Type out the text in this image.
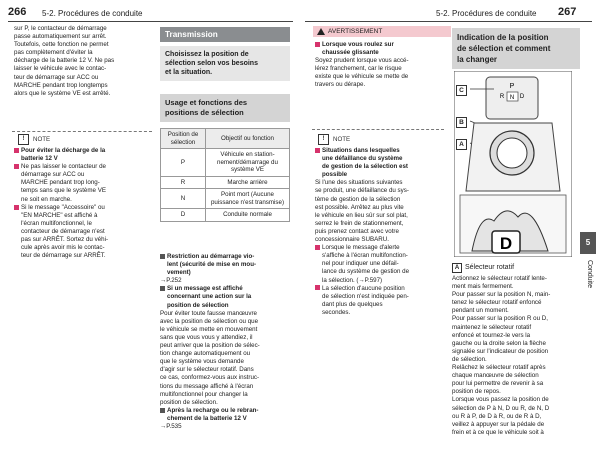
266 5-2. Procédures de conduite	5-2. Procédures de conduite 267
sur P, le contacteur de démarrage
passe automatiquement sur arrêt.
Toutefois, cette fonction ne permet
pas complètement d'éviter la
décharge de la batterie 12 V. Ne pas
laisser le véhicule avec le contac-
teur de démarrage sur ACC ou
MARCHE pendant trop longtemps
alors que le système VE est arrêté.
!	NOTE
Pour éviter la décharge de la
batterie 12 V
Ne pas laisser le contacteur de
démarrage sur ACC ou
MARCHE pendant trop long-
temps sans que le système VE
ne soit en marche.
Si le message "Accessoire" ou
"EN MARCHE" est affiché à
l'écran multifonctionnel, le
contacteur de démarrage n'est
pas sur ARRÊT. Sortez du véhi-
cule après avoir mis le contac-
teur de démarrage sur ARRÊT.
Transmission
Choisissez la position de
sélection selon vos besoins
et la situation.
Usage et fonctions des
positions de sélection
Position de sélection	Objectif ou fonction
P	Véhicule en station- nement/démarrage du système VE
R	Marche arrière
N	Point mort (Aucune puissance n'est transmise)
D	Conduite normale
Restriction au démarrage vio-
lent (sécurité de mise en mou-
vement)
→P.252
Si un message est affiché
concernant une action sur la
position de sélection
Pour éviter toute fausse manœuvre
avec la position de sélection ou que
le véhicule se mette en mouvement
sans que vous vous y attendiez, il
peut arriver que la position de sélec-
tion change automatiquement ou
que le système vous demande
d'agir sur le sélecteur rotatif. Dans
ce cas, conformez-vous aux instruc-
tions du message affiché à l'écran
multifonctionnel pour changer la
position de sélection.
Après la recharge ou le rebran-
chement de la batterie 12 V
→P.535
AVERTISSEMENT
Lorsque vous roulez sur
chaussée glissante
Soyez prudent lorsque vous accé-
lérez franchement, car le risque
existe que le véhicule se mette de
travers ou dérape.
!	NOTE
Situations dans lesquelles
une défaillance du système
de gestion de la sélection est
possible
Si l'une des situations suivantes
se produit, une défaillance du sys-
tème de gestion de la sélection
est possible. Arrêtez au plus vite
le véhicule en lieu sûr sur sol plat,
serrez le frein de stationnement,
puis prenez contact avec votre
concessionnaire SUBARU.
Lorsque le message d'alerte
s'affiche à l'écran multifonction-
nel pour indiquer une défail-
lance du système de gestion de
la sélection. (→P.597)
La sélection d'aucune position
de sélection n'est indiquée pen-
dant plus de quelques
secondes.
Indication de la position
de sélection et comment
la changer
P
R N D
D
C
B
A
A Sélecteur rotatif
Actionnez le sélecteur rotatif lente-
ment mais fermement.
Pour passer sur la position N, main-
tenez le sélecteur rotatif enfoncé
pendant un moment.
Pour passer sur la position R ou D,
maintenez le sélecteur rotatif
enfoncé et tournez-le vers la
gauche ou la droite selon la flèche
signalée sur l'indicateur de position
de sélection.
Relâchez le sélecteur rotatif après
chaque manœuvre de sélection
pour lui permettre de revenir à sa
position de repos.
Lorsque vous passez la position de
sélection de P à N, D ou R, de N, D
ou R à P, de D à R, ou de R à D,
veillez à appuyer sur la pédale de
frein et à ce que le véhicule soit à
5
Conduite
